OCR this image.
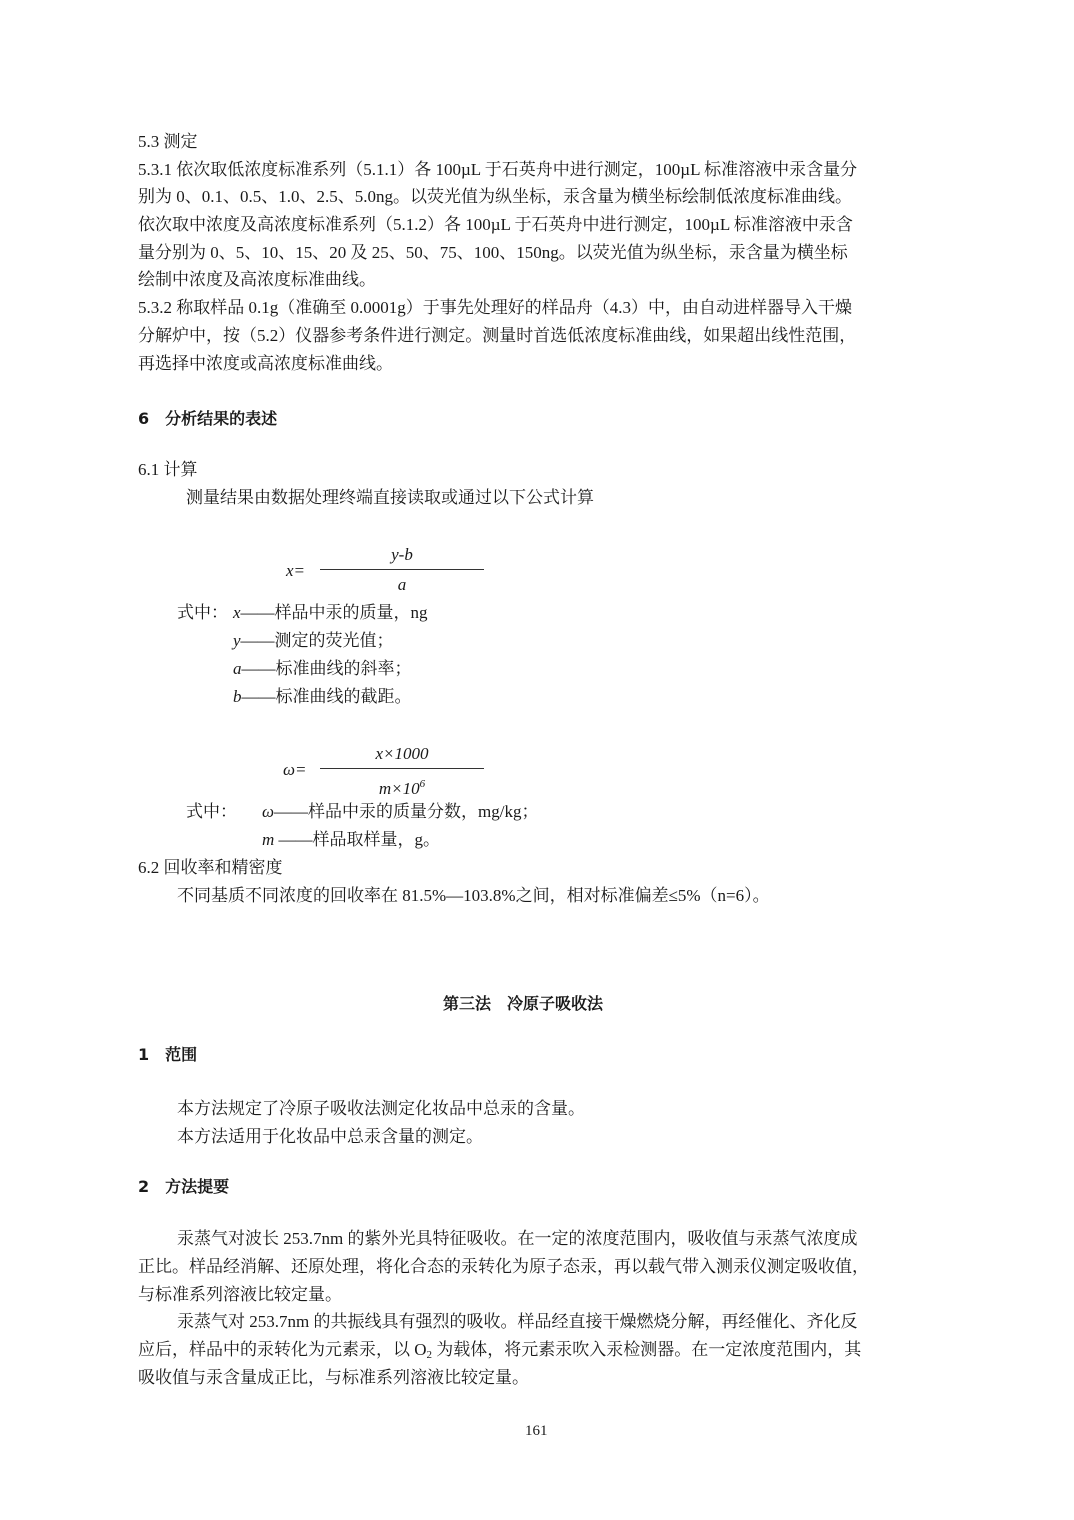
5.3 测定
5.3.1 依次取低浓度标准系列（5.1.1）各 100µL 于石英舟中进行测定，100µL 标准溶液中汞含量分
别为 0、0.1、0.5、1.0、2.5、5.0ng。以荧光值为纵坐标，汞含量为横坐标绘制低浓度标准曲线。
依次取中浓度及高浓度标准系列（5.1.2）各 100µL 于石英舟中进行测定，100µL 标准溶液中汞含
量分别为 0、5、10、15、20 及 25、50、75、100、150ng。以荧光值为纵坐标，汞含量为横坐标
绘制中浓度及高浓度标准曲线。
5.3.2 称取样品 0.1g（准确至 0.0001g）于事先处理好的样品舟（4.3）中，由自动进样器导入干燥
分解炉中，按（5.2）仪器参考条件进行测定。测量时首选低浓度标准曲线，如果超出线性范围，
再选择中浓度或高浓度标准曲线。
6　分析结果的表述
6.1 计算
测量结果由数据处理终端直接读取或通过以下公式计算
x=
y-b
a
式中： x——样品中汞的质量，ng
y——测定的荧光值；
a——标准曲线的斜率；
b——标准曲线的截距。
ω=
x×1000
$m\times 10^6$
式中： ω——样品中汞的质量分数，mg/kg；
m ——样品取样量，g。
6.2 回收率和精密度
不同基质不同浓度的回收率在 81.5%—103.8%之间，相对标准偏差≤5%（n=6）。
第三法　冷原子吸收法
1　范围
本方法规定了冷原子吸收法测定化妆品中总汞的含量。
本方法适用于化妆品中总汞含量的测定。
2　方法提要
汞蒸气对波长 253.7nm 的紫外光具特征吸收。在一定的浓度范围内，吸收值与汞蒸气浓度成
正比。样品经消解、还原处理，将化合态的汞转化为原子态汞，再以载气带入测汞仪测定吸收值，
与标准系列溶液比较定量。
汞蒸气对 253.7nm 的共振线具有强烈的吸收。样品经直接干燥燃烧分解，再经催化、齐化反
应后，样品中的汞转化为元素汞，以 $O_2$ 为载体，将元素汞吹入汞检测器。在一定浓度范围内，其
吸收值与汞含量成正比，与标准系列溶液比较定量。
161
